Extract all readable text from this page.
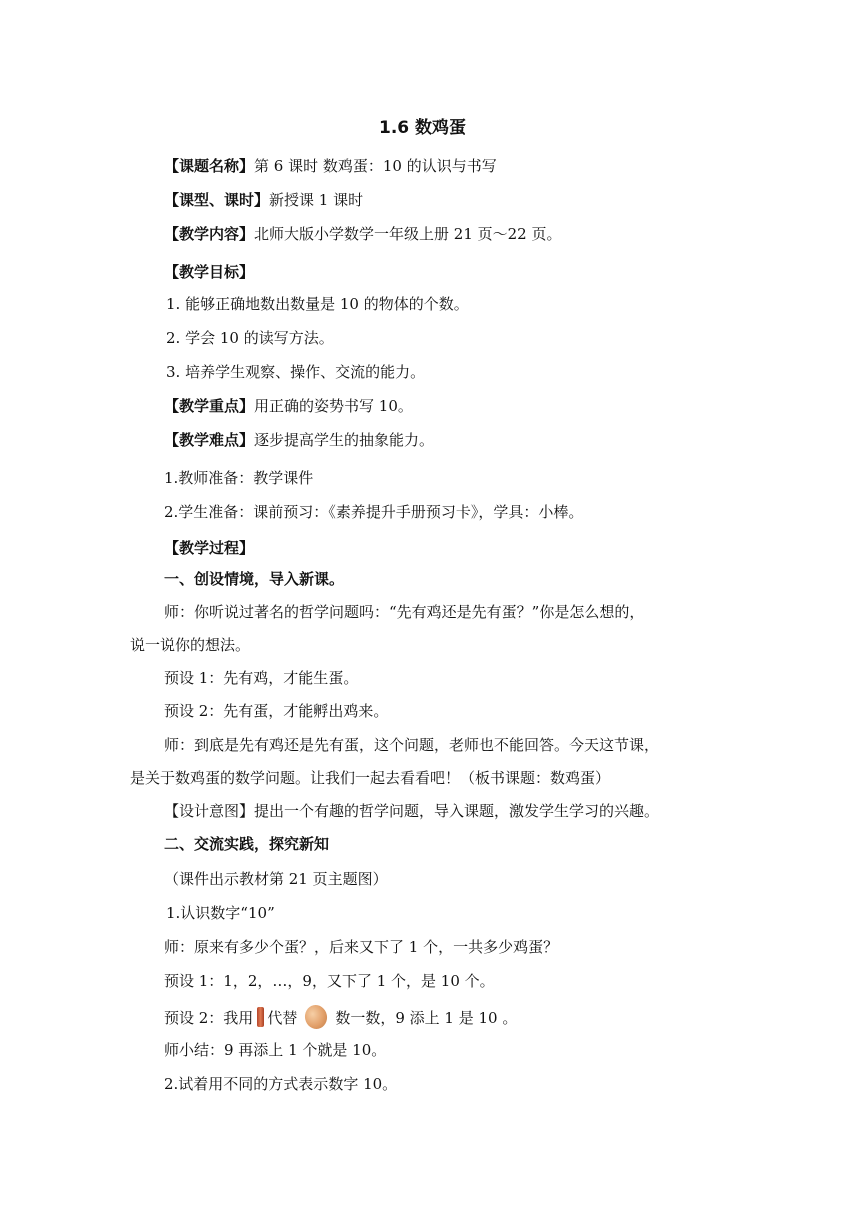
1.6 数鸡蛋
【课题名称】第 6 课时 数鸡蛋：10 的认识与书写
【课型、课时】新授课 1 课时
【教学内容】北师大版小学数学一年级上册 21 页～22 页。
【教学目标】
1. 能够正确地数出数量是 10 的物体的个数。
2. 学会 10 的读写方法。
3. 培养学生观察、操作、交流的能力。
【教学重点】用正确的姿势书写 10。
【教学难点】逐步提高学生的抽象能力。
1.教师准备：教学课件
2.学生准备：课前预习：《素养提升手册预习卡》，学具：小棒。
【教学过程】
一、创设情境，导入新课。
师：你听说过著名的哲学问题吗：“先有鸡还是先有蛋？”你是怎么想的，
说一说你的想法。
预设 1：先有鸡，才能生蛋。
预设 2：先有蛋，才能孵出鸡来。
师：到底是先有鸡还是先有蛋，这个问题，老师也不能回答。今天这节课，
是关于数鸡蛋的数学问题。让我们一起去看看吧！（板书课题：数鸡蛋）
【设计意图】提出一个有趣的哲学问题，导入课题，激发学生学习的兴趣。
二、交流实践，探究新知
（课件出示教材第 21 页主题图）
1.认识数字“10”
师：原来有多少个蛋？，后来又下了 1 个，一共多少鸡蛋？
预设 1：1，2，…，9，又下了 1 个，是 10 个。
预设 2：我用 代替	数一数，9 添上 1 是 10 。
师小结：9 再添上 1 个就是 10。
2.试着用不同的方式表示数字 10。
